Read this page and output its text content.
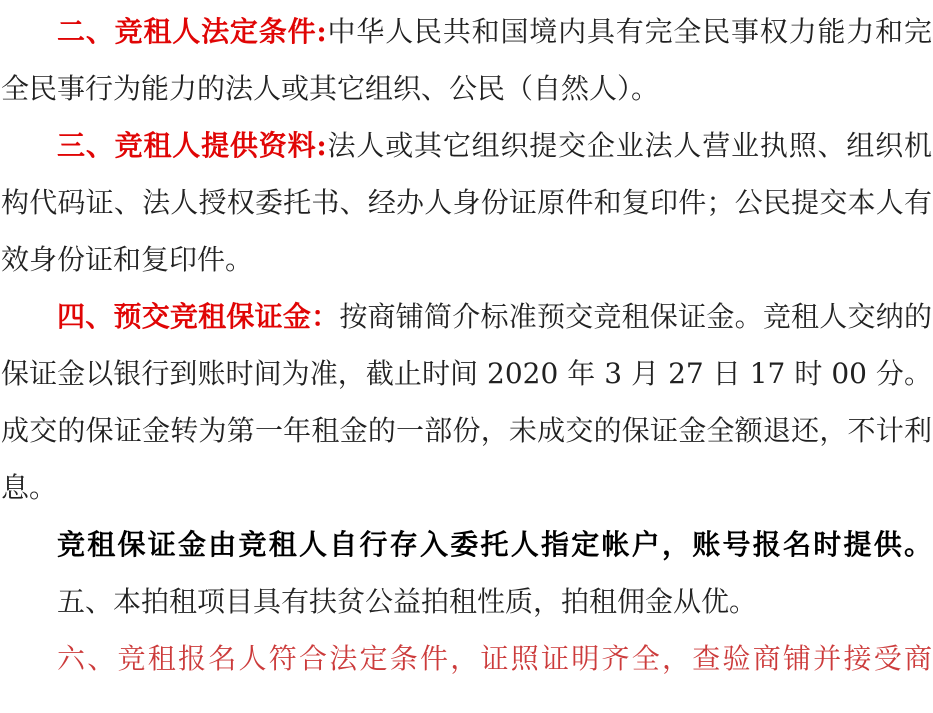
二、竞租人法定条件:中华人民共和国境内具有完全民事权力能力和完全民事行为能力的法人或其它组织、公民（自然人）。

三、竞租人提供资料:法人或其它组织提交企业法人营业执照、组织机构代码证、法人授权委托书、经办人身份证原件和复印件；公民提交本人有效身份证和复印件。

四、预交竞租保证金：按商铺简介标准预交竞租保证金。竞租人交纳的保证金以银行到账时间为准，截止时间 2020 年 3 月 27 日 17 时 00 分。成交的保证金转为第一年租金的一部份，未成交的保证金全额退还，不计利息。

竞租保证金由竞租人自行存入委托人指定帐户，账号报名时提供。

五、本拍租项目具有扶贫公益拍租性质，拍租佣金从优。

六、竞租报名人符合法定条件，证照证明齐全，查验商铺并接受商
